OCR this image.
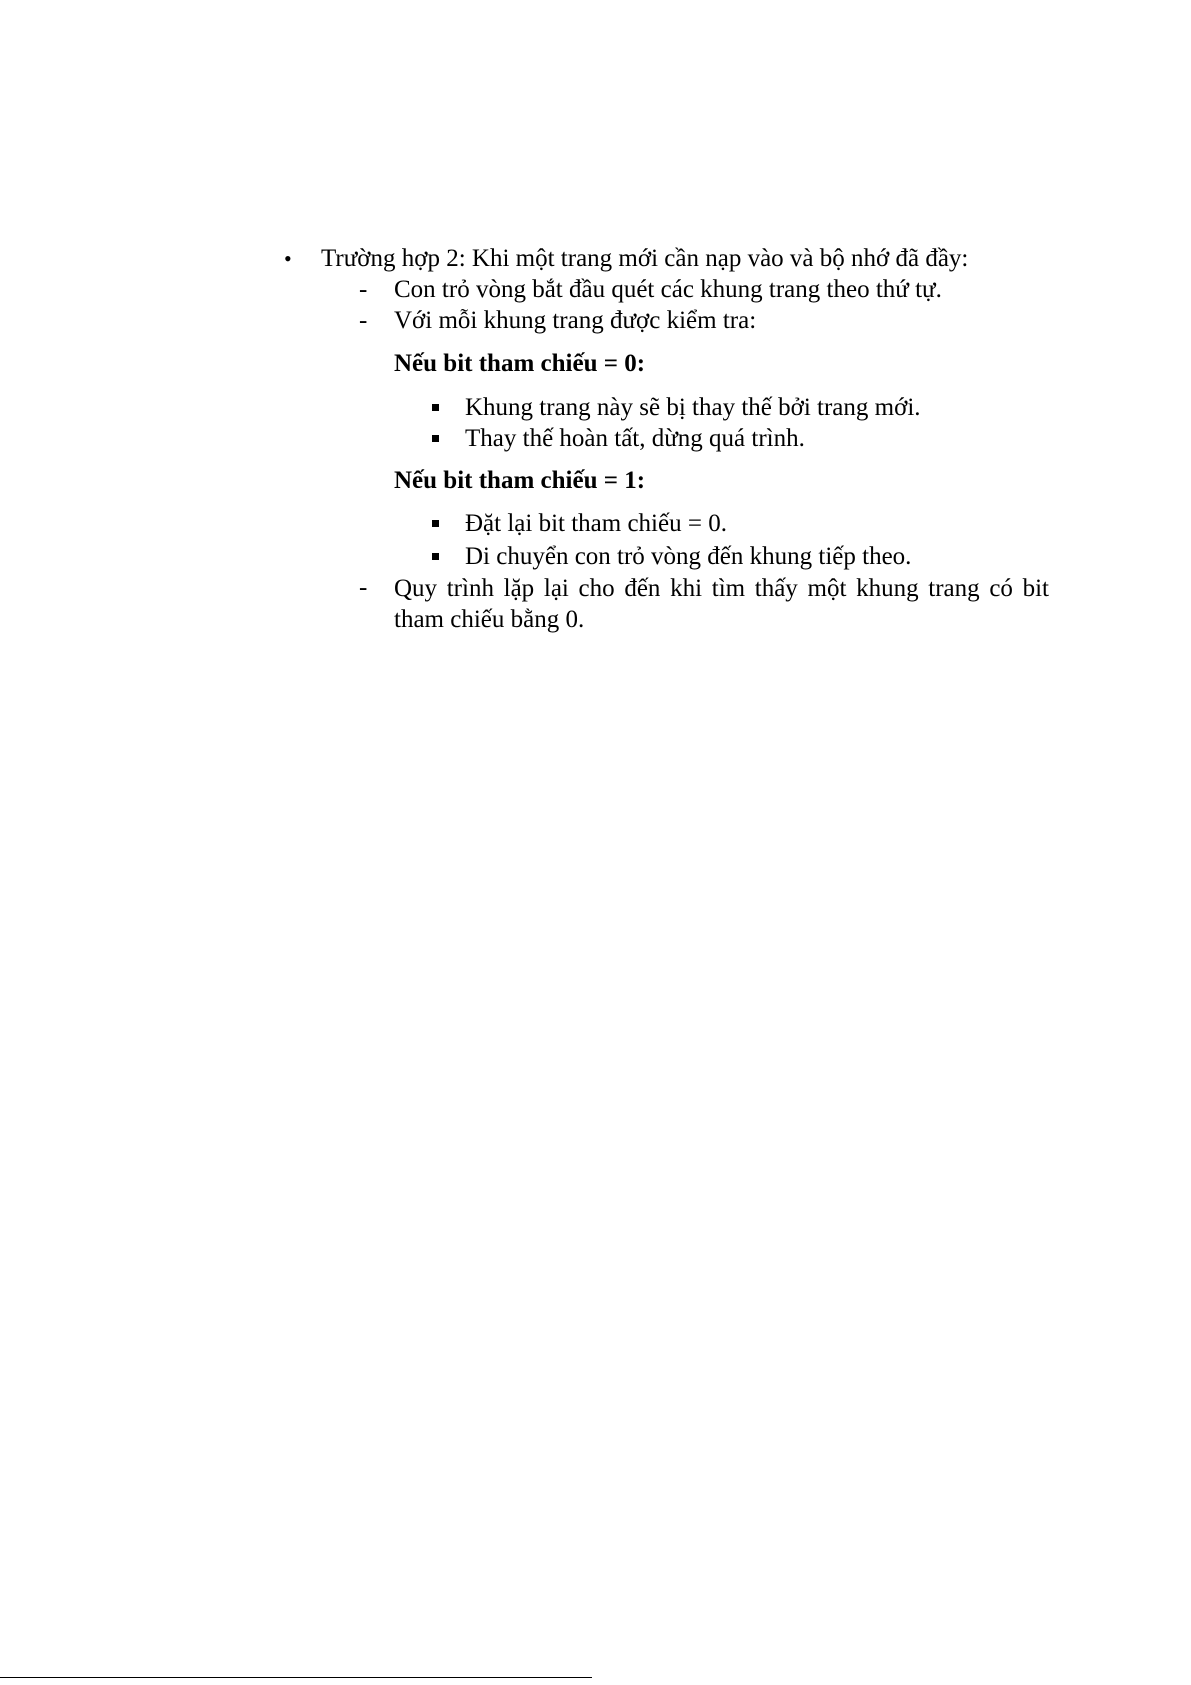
• Trường hợp 2: Khi một trang mới cần nạp vào và bộ nhớ đã đầy:
- Con trỏ vòng bắt đầu quét các khung trang theo thứ tự.
- Với mỗi khung trang được kiểm tra:
Nếu bit tham chiếu = 0:
Khung trang này sẽ bị thay thế bởi trang mới.
Thay thế hoàn tất, dừng quá trình.
Nếu bit tham chiếu = 1:
Đặt lại bit tham chiếu = 0.
Di chuyển con trỏ vòng đến khung tiếp theo.
- Quy trình lặp lại cho đến khi tìm thấy một khung trang có bit tham chiếu bằng 0.
